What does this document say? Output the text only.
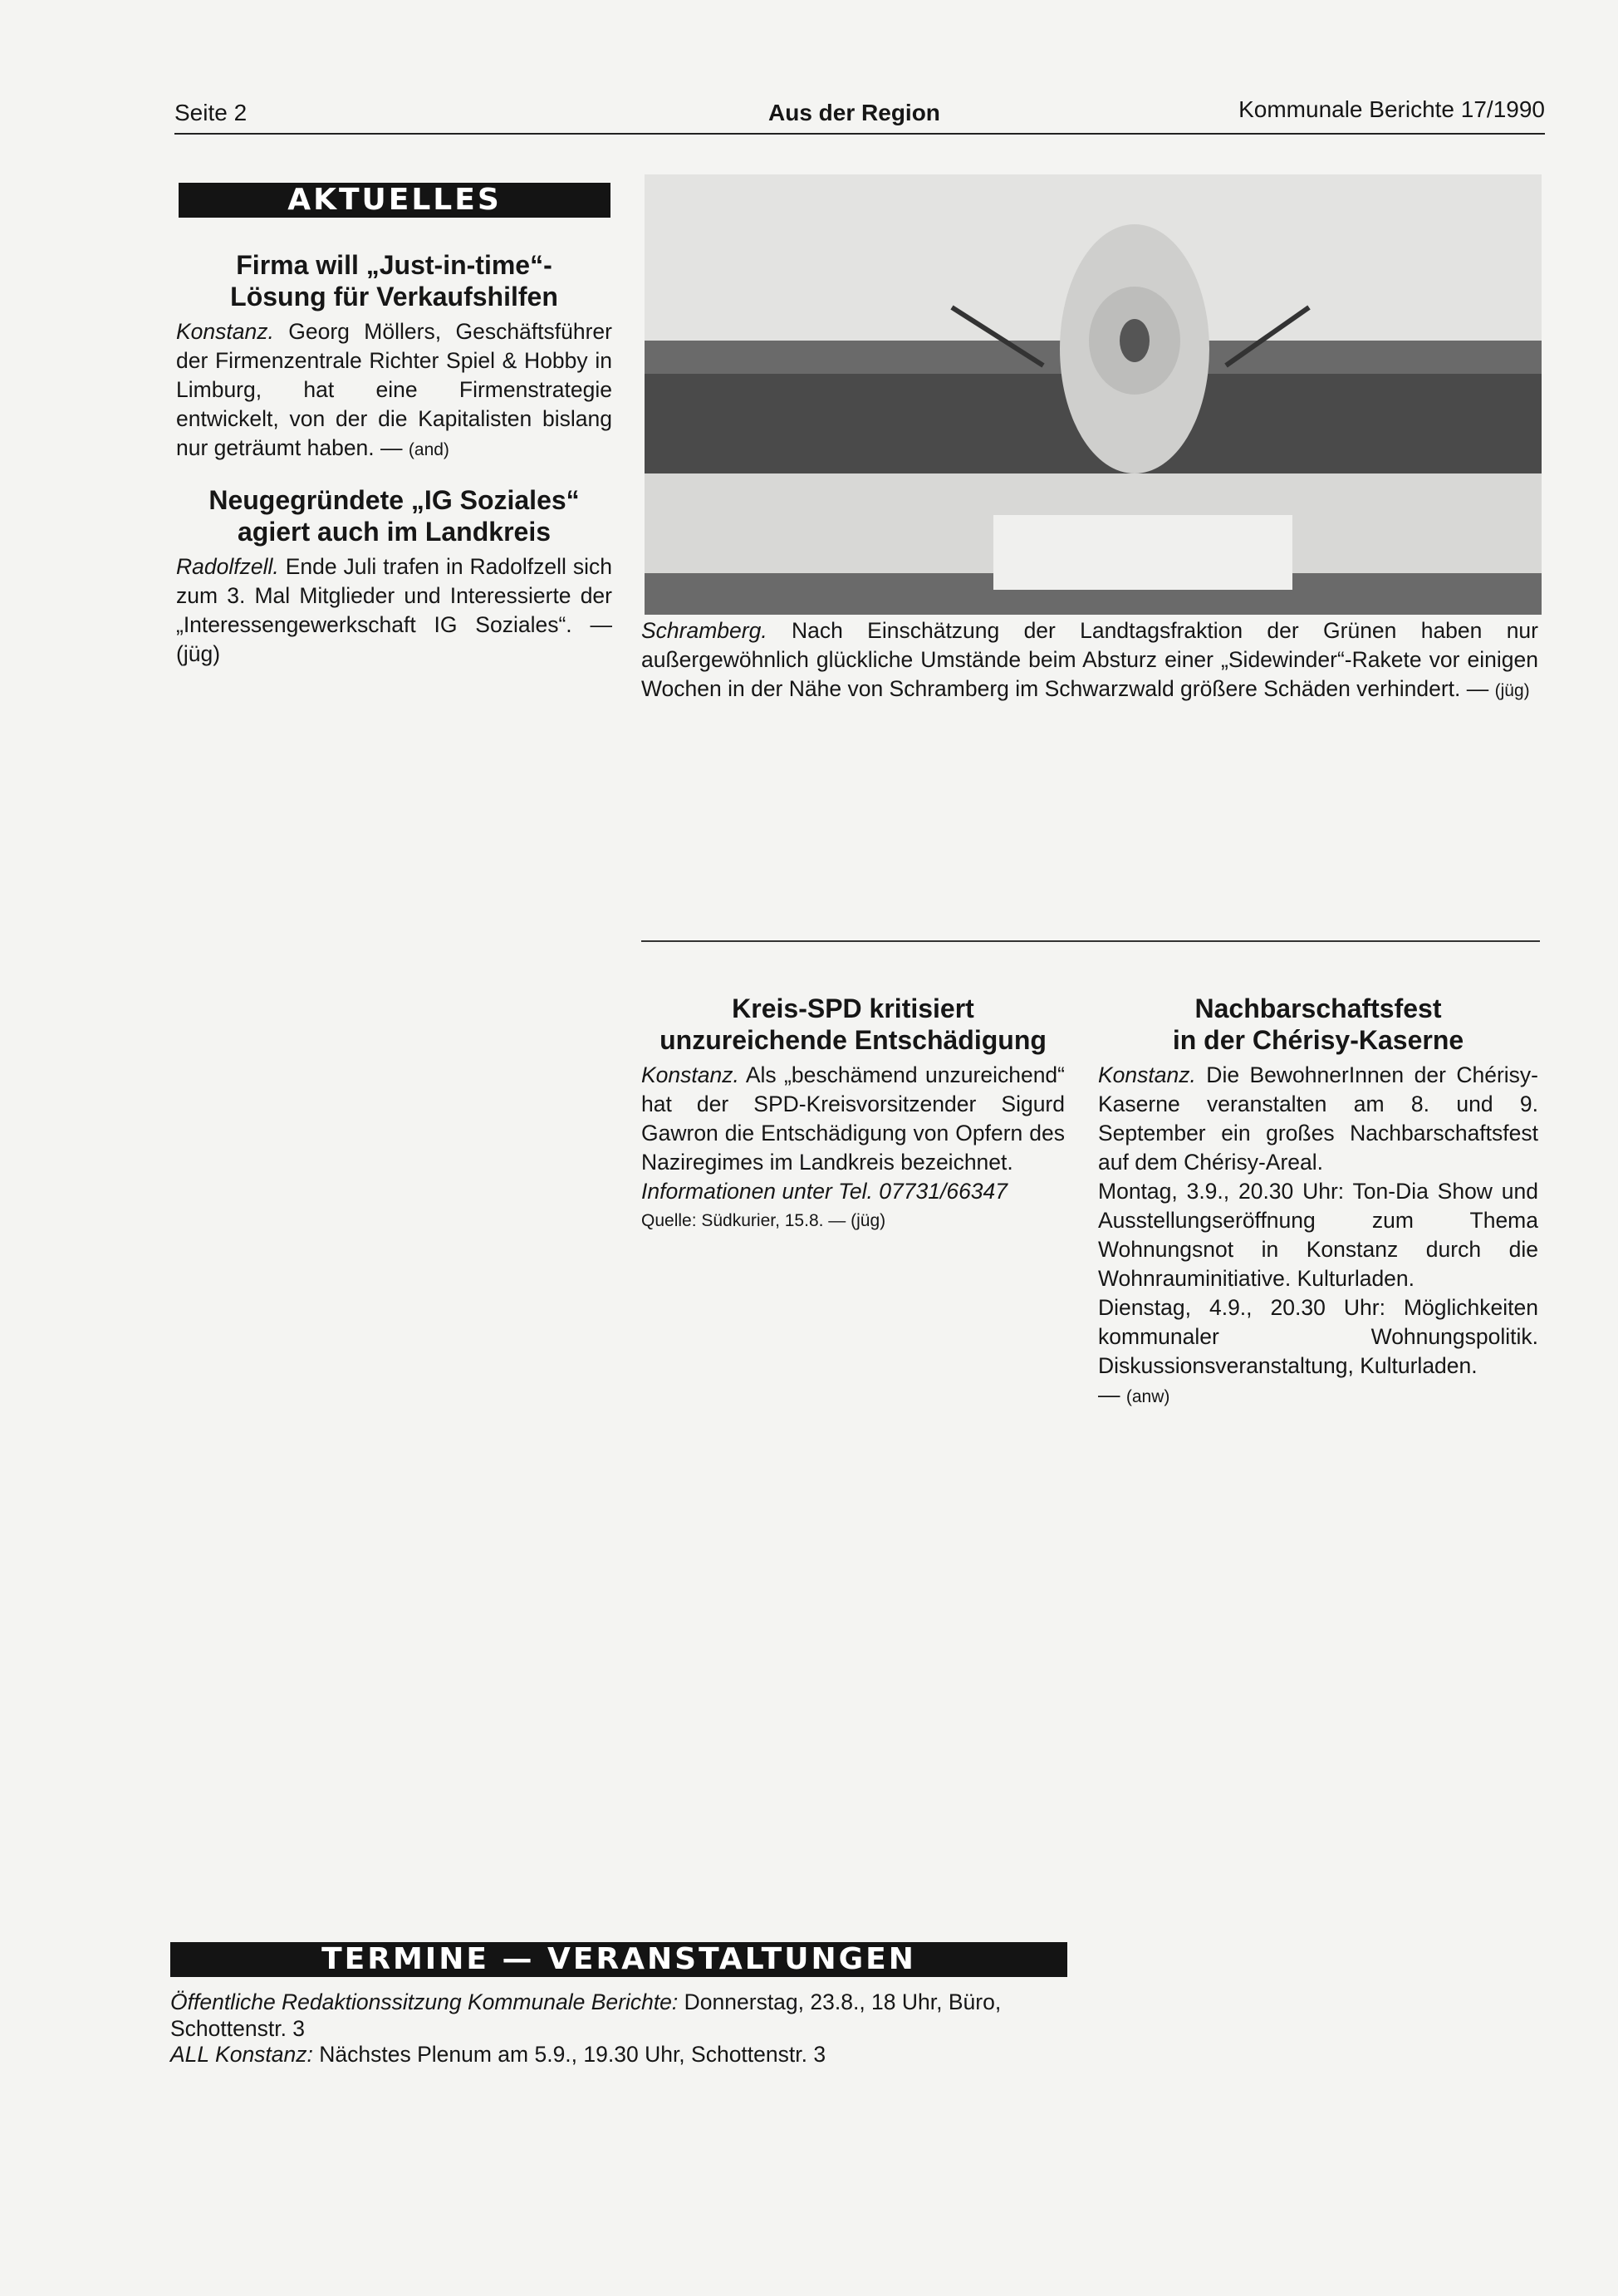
Seite 2	Aus der Region	Kommunale Berichte 17/1990
AKTUELLES
Firma will „Just-in-time“-
Lösung für Verkaufshilfen

Konstanz. Georg Möllers, Geschäftsführer der Firmenzentrale Richter Spiel & Hobby in Limburg, hat eine Firmenstrategie entwickelt, von der die Kapitalisten bislang nur geträumt haben. — (and)

Neugegründete „IG Soziales“
agiert auch im Landkreis

Radolfzell. Ende Juli trafen in Radolfzell sich zum 3. Mal Mitglieder und Interessierte der „Interessengewerkschaft IG Soziales“. — (jüg)

Schramberg. Nach Einschätzung der Landtagsfraktion der Grünen haben nur außergewöhnlich glückliche Umstände beim Absturz einer „Sidewinder“-Rakete vor einigen Wochen in der Nähe von Schramberg im Schwarzwald größere Schäden verhindert. — (jüg)

Kreis-SPD kritisiert
unzureichende Entschädigung

Konstanz. Als „beschämend unzureichend“ hat der SPD-Kreisvorsitzender Sigurd Gawron die Entschädigung von Opfern des Naziregimes im Landkreis bezeichnet.

Informationen unter Tel. 07731/66347

Quelle: Südkurier, 15.8. — (jüg)

Nachbarschaftsfest
in der Chérisy-Kaserne

Konstanz. Die BewohnerInnen der Chérisy-Kaserne veranstalten am 8. und 9. September ein großes Nachbarschaftsfest auf dem Chérisy-Areal.

Montag, 3.9., 20.30 Uhr: Ton-Dia Show und Ausstellungseröffnung zum Thema Wohnungsnot in Konstanz durch die Wohnrauminitiative. Kulturladen.

Dienstag, 4.9., 20.30 Uhr: Möglichkeiten kommunaler Wohnungspolitik. Diskussionsveranstaltung, Kulturladen.

— (anw)

TERMINE — VERANSTALTUNGEN

Öffentliche Redaktionssitzung Kommunale Berichte: Donnerstag, 23.8., 18 Uhr, Büro, Schottenstr. 3

ALL Konstanz: Nächstes Plenum am 5.9., 19.30 Uhr, Schottenstr. 3
